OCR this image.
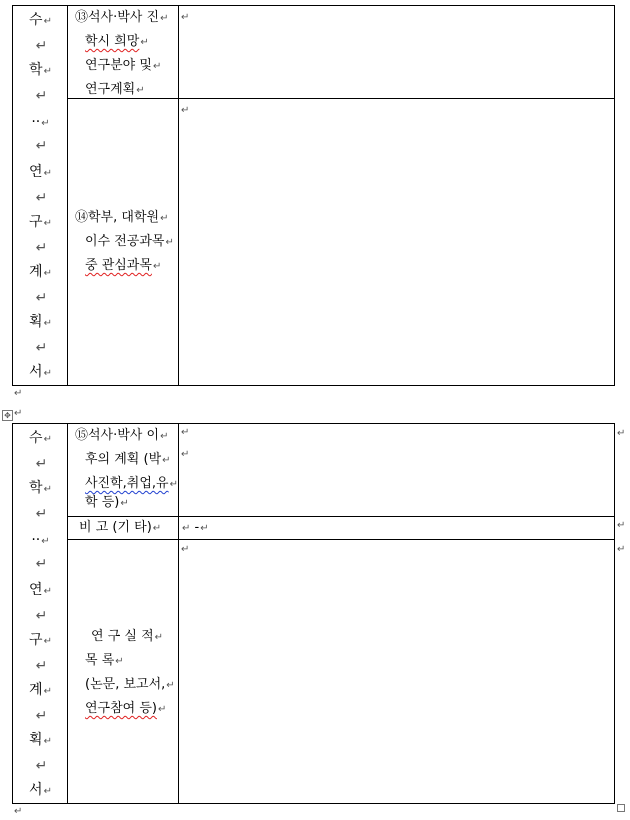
수↵
↵
학↵
↵
··↵
↵
연↵
↵
구↵
↵
계↵
↵
획↵
↵
서↵
⑬석사·박사 진↵
학시 희망↵
연구분야 및↵
연구계획↵
↵
⑭학부, 대학원↵
이수 전공과목↵
중 관심과목↵
↵
↵
✥ ↵
수↵
↵
학↵
↵
··↵
↵
연↵
↵
구↵
↵
계↵
↵
획↵
↵
서↵
⑮석사·박사 이↵
후의 계획 (박↵
사진학,취업,유↵
학 등)↵
↵
↵
비 고 (기 타)↵ ↵ -↵
연 구 실 적↵
목 록↵
(논문, 보고서,↵
연구참여 등)↵
↵
↵
↵
↵
↵
